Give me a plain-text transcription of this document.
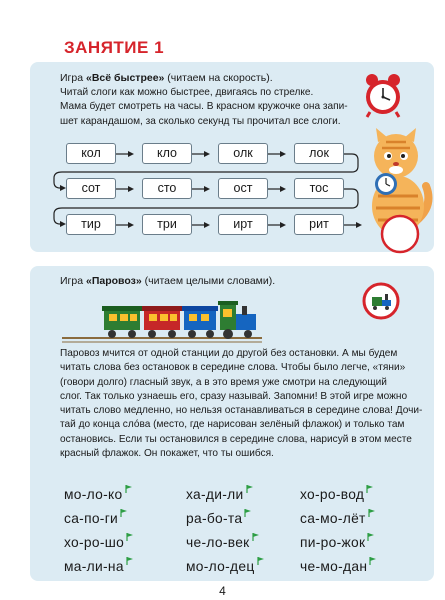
ЗАНЯТИЕ 1
Игра «Всё быстрее» (читаем на скорость).
Читай слоги как можно быстрее, двигаясь по стрелке.
Мама будет смотреть на часы. В красном кружочке она запи-
шет карандашом, за сколько секунд ты прочитал все слоги.
кол	кло	олк	лок
сот	сто	ост	тос
тир	три	ирт	рит
Игра «Паровоз» (читаем целыми словами).
Паровоз мчится от одной станции до другой без остановки. А мы будем
читать слова без остановок в середине слова. Чтобы было легче, «тяни»
(говори долго) гласный звук, а в это время уже смотри на следующий
слог. Так только узнаешь его, сразу называй. Запомни! В этой игре можно
читать слово медленно, но нельзя останавливаться в середине слова! Дочи-
тай до конца сло́ва (место, где нарисован зелёный флажок) и только там
остановись. Если ты остановился в середине слова, нарисуй в этом месте
красный флажок. Он покажет, что ты ошибся.
мо-ло-ко	ха-ди-ли	хо-ро-вод
са-по-ги	ра-бо-та	са-мо-лёт
хо-ро-шо	че-ло-век	пи-ро-жок
ма-ли-на	мо-ло-дец	че-мо-дан
4
